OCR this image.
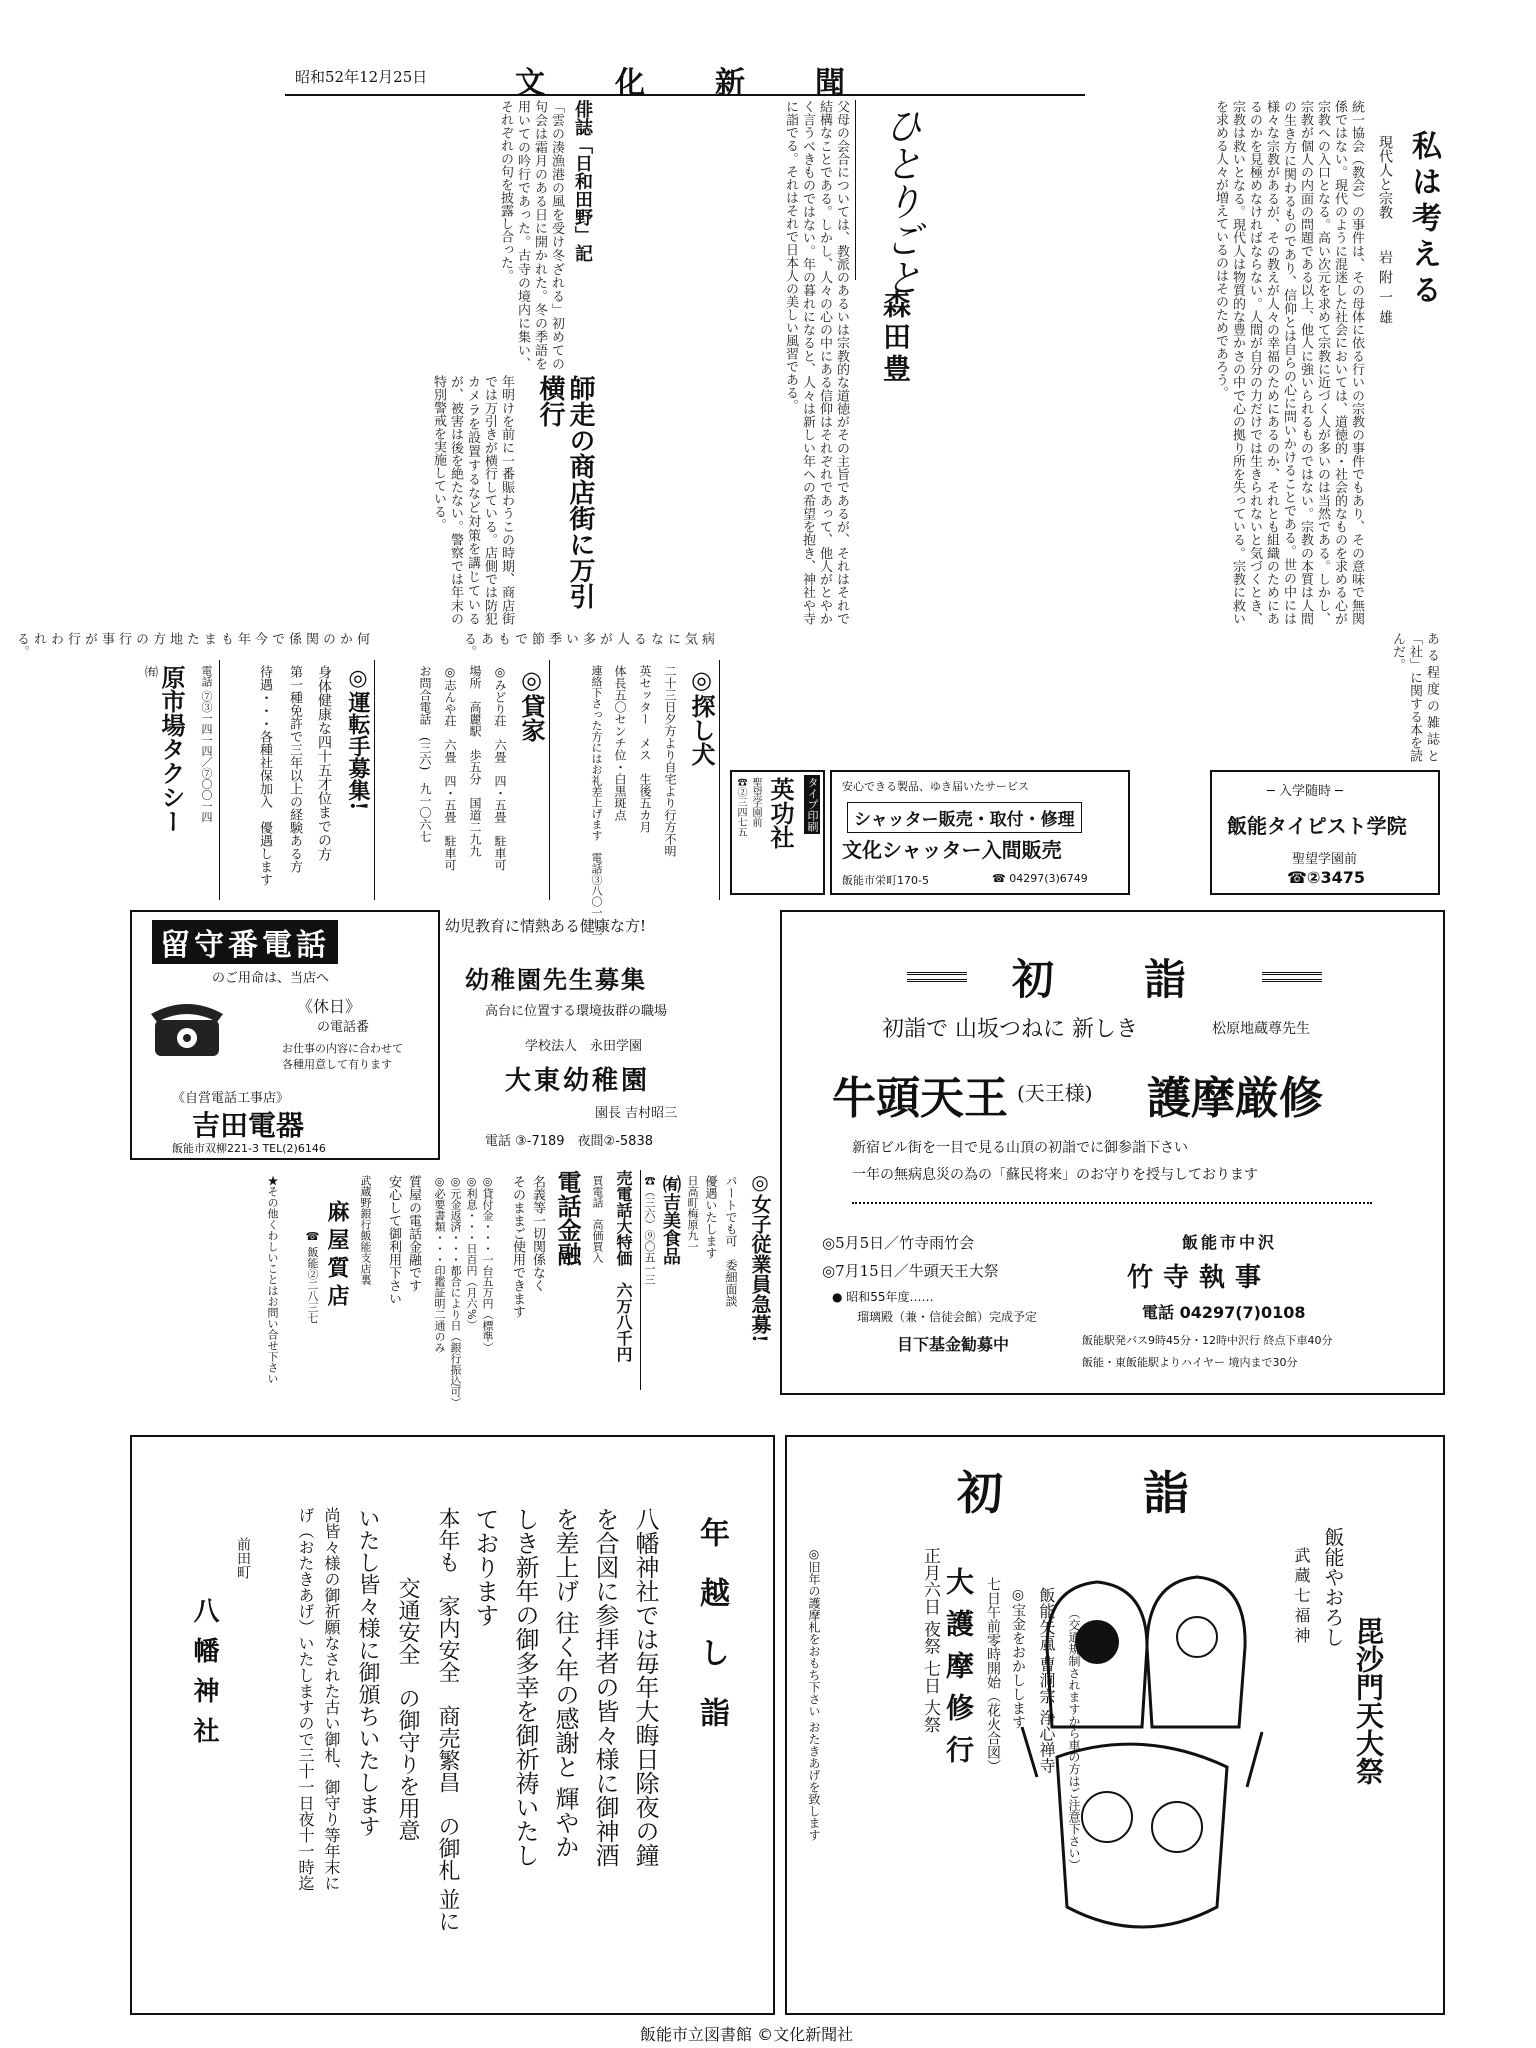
昭和52年12月25日	文化新聞
私は考える
現代人と宗教
岩附一雄
統一協会（教会）の事件は、その母体に依る行いの宗教の事件でもあり、その意味で無関係ではない。現代のように混迷した社会においては、道徳的・社会的なものを求める心が宗教への入口となる。高い次元を求めて宗教に近づく人が多いのは当然である。しかし、宗教が個人の内面の問題である以上、他人に強いられるものではない。宗教の本質は人間の生き方に関わるものであり、信仰とは自らの心に問いかけることである。世の中には様々な宗教があるが、その教えが人々の幸福のためにあるのか、それとも組織のためにあるのかを見極めなければならない。人間が自分の力だけでは生きられないと気づくとき、宗教は救いとなる。現代人は物質的な豊かさの中で心の拠り所を失っている。宗教に救いを求める人々が増えているのはそのためであろう。
ひとりごと
森田豊
父母の会合については、教派のあるいは宗教的な道徳がその主旨であるが、それはそれで結構なことである。しかし、人々の心の中にある信仰はそれぞれであって、他人がとやかく言うべきものではない。年の暮れになると、人々は新しい年への希望を抱き、神社や寺に詣でる。それはそれで日本人の美しい風習である。
俳誌「日和田野」記
「雲の湊漁港の風を受け冬ざれる」初めての句会は霜月のある日に開かれた。冬の季語を用いての吟行であった。古寺の境内に集い、それぞれの句を披露し合った。
師走の商店街に万引横行
年明けを前に一番賑わうこの時期、商店街では万引きが横行している。店側では防犯カメラを設置するなど対策を講じているが、被害は後を絶たない。警察では年末の特別警戒を実施している。
ある程度の雑誌と「社」に関する本を読んだ。
何かの関係で今年もまた地方の行事が行われる。	病気になる人が多い季節でもある。
㈲ 原市場タクシー 電話 ⑦③一四一四／⑦〇〇一四	◎運転手募集!
身体健康な四十五才位までの方
第一種免許で三年以上の経験ある方
待遇・・・各種社保加入　優遇します	◎貸家
◎みどり荘　六畳　四・五畳　駐車可
場所　高麗駅　歩五分　国道二九九
◎志んや荘　六畳　四・五畳　駐車可
お問合電話　(三六)　九一〇六七	◎探し犬
二十三日夕方より自宅より行方不明
英セッター　メス　生後五カ月
体長五〇センチ位・白黒斑点
連絡下さった方にはお礼差上げます　電話③八〇一七一	タイプ印刷
英功社
聖望学園前
☎②三四七五	安心できる製品、ゆき届いたサービス
シャッター販売・取付・修理
文化シャッター入間販売
飯能市栄町170-5	☎ 04297(3)6749
─ 入学随時 ─
飯能タイピスト学院
聖望学園前
☎②3475
留守番電話
のご用命は、当店へ
《休日》
の電話番
お仕事の内容に合わせて
各種用意して有ります
《自営電話工事店》
吉田電器
飯能市双柳221-3 TEL(2)6146
幼児教育に情熱ある健康な方!
幼稚園先生募集
高台に位置する環境抜群の職場
学校法人　永田学園
大東幼稚園
園長 吉村昭三
電話 ③-7189　夜間②-5838
初詣
初詣で 山坂つねに 新しき	松原地蔵尊先生
牛頭天王 (天王様) 護摩厳修
新宿ビル街を一目で見る山頂の初詣でに御参詣下さい
一年の無病息災の為の「蘇民将来」のお守りを授与しております
◎5月5日／竹寺雨竹会
◎7月15日／牛頭天王大祭
● 昭和55年度……
瑠璃殿（兼・信徒会館）完成予定
目下基金勧募中
飯能市中沢
竹寺執事
電話 04297(7)0108
飯能駅発バス9時45分・12時中沢行 終点下車40分
飯能・東飯能駅よりハイヤー 境内まで30分
◎女子従業員急募!
パートでも可　委細面談
優遇いたします
日高町梅原九一
㈲吉美食品
☎（三六）⑨〇五一三
売電話大特価　六万八千円
買電話　高価買入
電話金融
名義等一切関係なく
そのままご使用できます
◎貸付金・・・一台五万円（標準）
◎利息・・・日百円（月六%）
◎元金返済・・・都合により日（銀行振込可）
◎必要書類・・・印鑑証明二通のみ
質屋の電話金融です
安心して御利用下さい
武蔵野銀行飯能支店裏
麻屋質店
☎ 飯能②二八三七
★その他くわしいことはお問い合せ下さい
年越し詣
八幡神社では毎年大晦日除夜の鐘
を合図に参拝者の皆々様に御神酒
を差上げ 往く年の感謝と 輝やか
しき新年の御多幸を御祈祷いたし
ております
本年も　家内安全　商売繁昌　の御札 並に
交通安全　の御守りを用意
いたし皆々様に御頒ちいたします
尚皆々様の御祈願なされた古い御札、御守り等年末に
げ（おたきあげ）いたしますので三十一日夜十一時迄
前田町
八幡神社
初詣
武蔵七福神 飯能やおろし
毘沙門天大祭
正月六日 夜祭 七日 大祭 大護摩修行 七日午前零時開始（花火合図） ◎宝金をおかしします 飯能矢颪 曹洞宗 浄心禅寺 （交通規制されますから車の方はご注意下さい）
◎旧年の護摩札をおもち下さい おたきあげを致します
飯能市立図書館 ©文化新聞社
